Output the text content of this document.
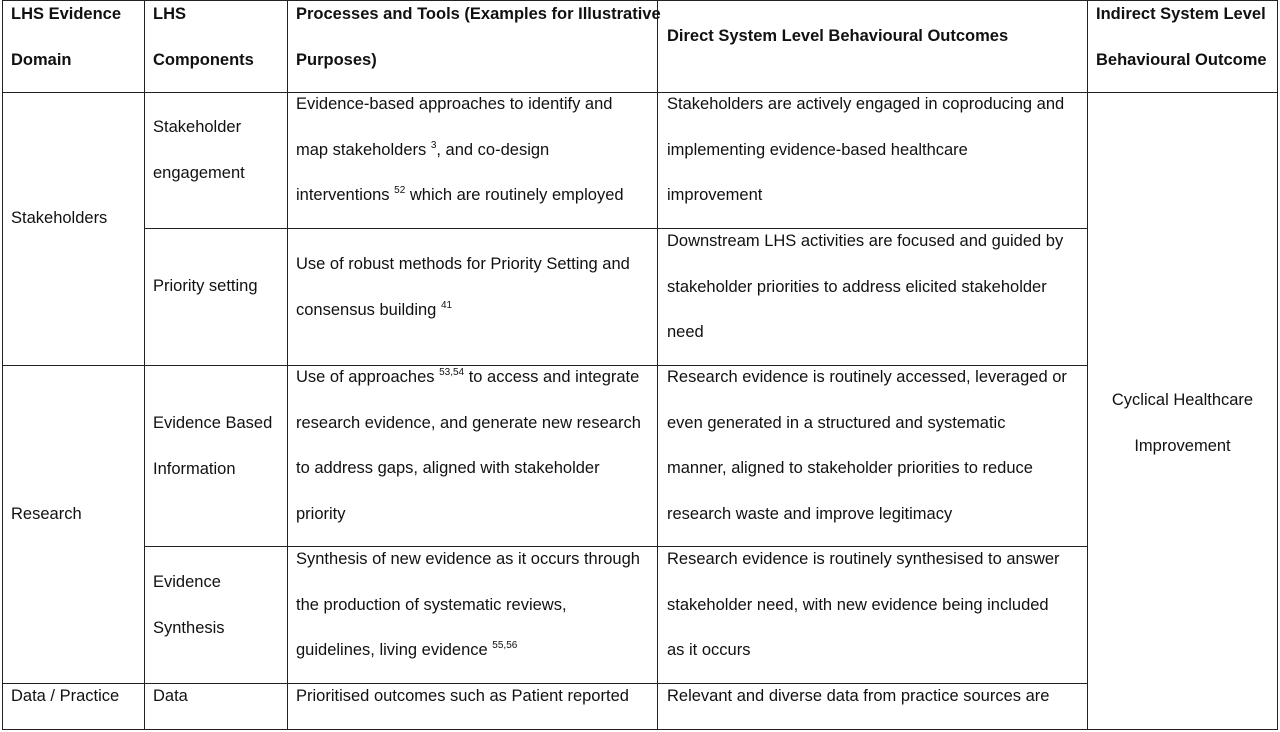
LHS Evidence
Domain
LHS
Components
Processes and Tools (Examples for Illustrative
Purposes)
Direct System Level Behavioural Outcomes
Indirect System Level
Behavioural Outcome
Stakeholders
Research
Data / Practice
Cyclical Healthcare
Improvement
Stakeholder
engagement
Evidence-based approaches to identify and
map stakeholders $^3$, and co-design
interventions $^{52}$ which are routinely employed
Stakeholders are actively engaged in coproducing and
implementing evidence-based healthcare
improvement
Priority setting
Use of robust methods for Priority Setting and
consensus building $^{41}$
Downstream LHS activities are focused and guided by
stakeholder priorities to address elicited stakeholder
need
Evidence Based
Information
Use of approaches $^{53,54}$ to access and integrate
research evidence, and generate new research
to address gaps, aligned with stakeholder
priority
Research evidence is routinely accessed, leveraged or
even generated in a structured and systematic
manner, aligned to stakeholder priorities to reduce
research waste and improve legitimacy
Evidence
Synthesis
Synthesis of new evidence as it occurs through
the production of systematic reviews,
guidelines, living evidence $^{55,56}$
Research evidence is routinely synthesised to answer
stakeholder need, with new evidence being included
as it occurs
Data	Prioritised outcomes such as Patient reported Relevant and diverse data from practice sources are
